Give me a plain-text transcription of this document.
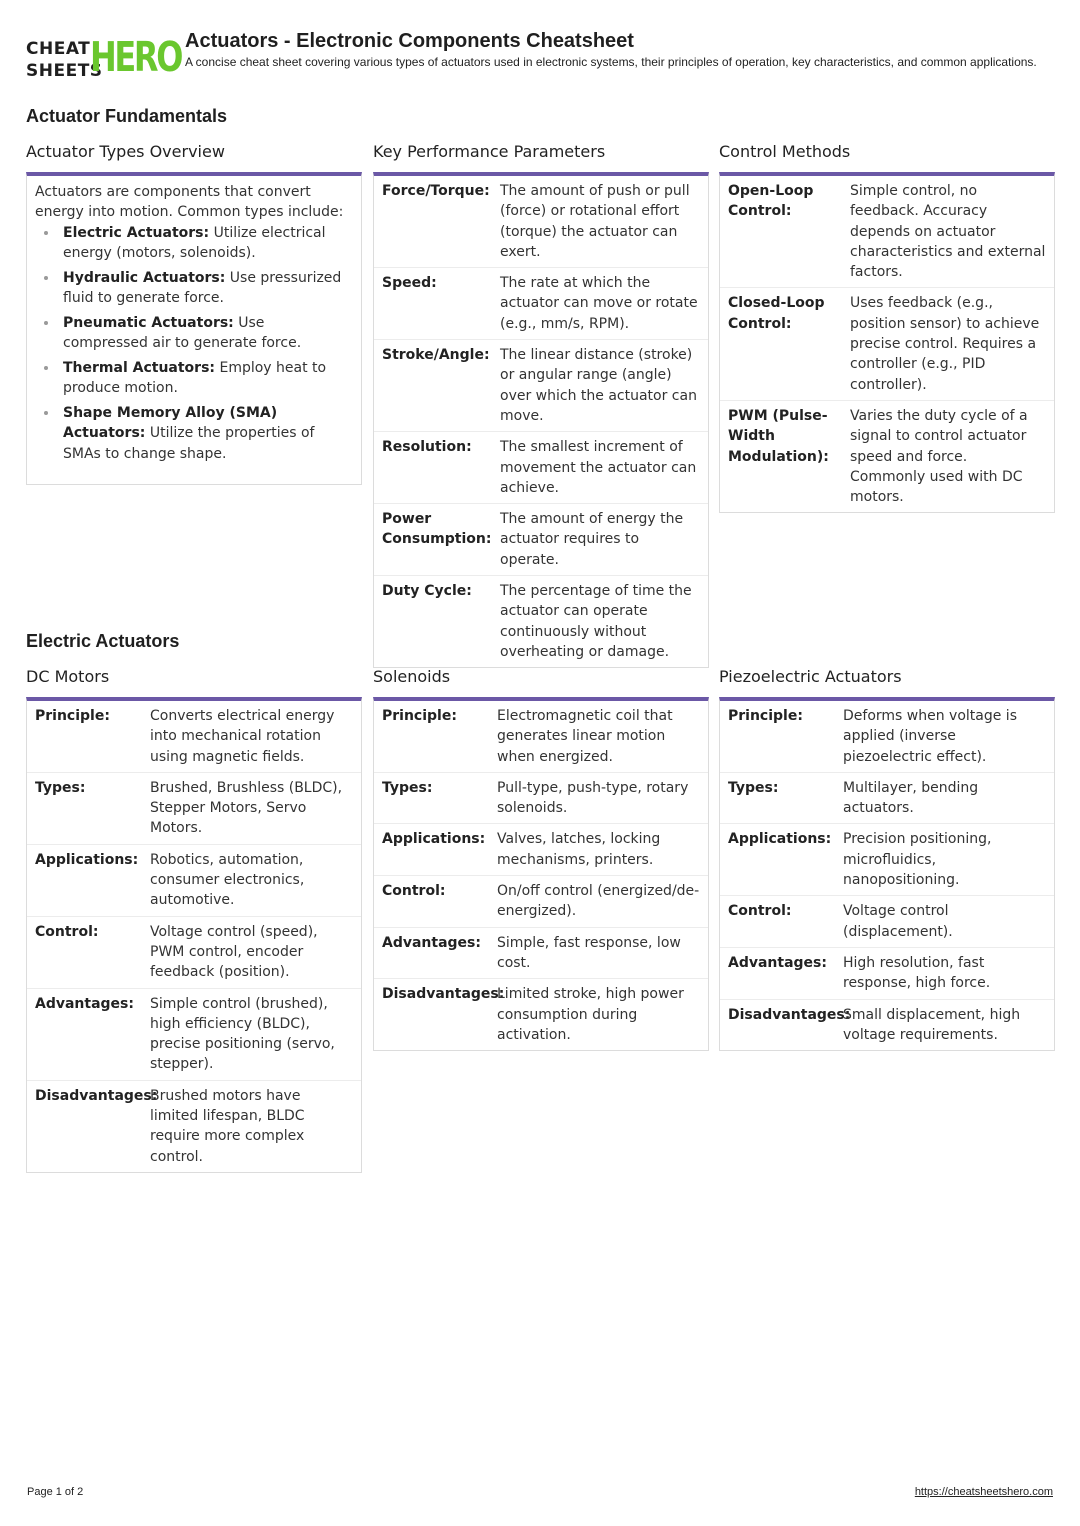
CHEAT
SHEETS
HERO Actuators - Electronic Components Cheatsheet
A concise cheat sheet covering various types of actuators used in electronic systems, their principles of operation, key characteristics, and common applications.
Actuator Fundamentals
Actuator Types Overview
Actuators are components that convert energy into motion. Common types include:
Electric Actuators: Utilize electrical energy (motors, solenoids).
Hydraulic Actuators: Use pressurized fluid to generate force.
Pneumatic Actuators: Use compressed air to generate force.
Thermal Actuators: Employ heat to produce motion.
Shape Memory Alloy (SMA) Actuators: Utilize the properties of SMAs to change shape.
Key Performance Parameters
Force/Torque: The amount of push or pull (force) or rotational effort (torque) the actuator can exert.
Speed:	The rate at which the actuator can move or rotate (e.g., mm/s, RPM).
Stroke/Angle: The linear distance (stroke) or angular range (angle) over which the actuator can move.
Resolution:	The smallest increment of movement the actuator can achieve.
Power Consumption:
The amount of energy the actuator requires to operate.
Duty Cycle:	The percentage of time the actuator can operate continuously without overheating or damage.
Control Methods
Open-Loop Control:
Simple control, no feedback. Accuracy depends on actuator characteristics and external factors.
Closed-Loop Control:
Uses feedback (e.g., position sensor) to achieve precise control. Requires a controller (e.g., PID controller).
PWM (Pulse-Width Modulation):
Varies the duty cycle of a signal to control actuator speed and force. Commonly used with DC motors.
Electric Actuators
DC Motors
Principle:	Converts electrical energy into mechanical rotation using magnetic fields.
Types:	Brushed, Brushless (BLDC), Stepper Motors, Servo Motors.
Applications: Robotics, automation, consumer electronics, automotive.
Control:	Voltage control (speed), PWM control, encoder feedback (position).
Advantages:	Simple control (brushed), high efficiency (BLDC), precise positioning (servo, stepper).
Disadvantages:
Brushed motors have limited lifespan, BLDC require more complex control.
Solenoids
Principle:	Electromagnetic coil that generates linear motion when energized.
Types:	Pull-type, push-type, rotary solenoids.
Applications: Valves, latches, locking mechanisms, printers.
Control:	On/off control (energized/de-energized).
Advantages:	Simple, fast response, low cost.
Disadvantages:
Limited stroke, high power consumption during activation.
Piezoelectric Actuators
Principle:	Deforms when voltage is applied (inverse piezoelectric effect).
Types:	Multilayer, bending actuators.
Applications: Precision positioning, microfluidics, nanopositioning.
Control:	Voltage control (displacement).
Advantages:	High resolution, fast response, high force.
Disadvantages:
Small displacement, high voltage requirements.
Page 1 of 2	https://cheatsheetshero.com
